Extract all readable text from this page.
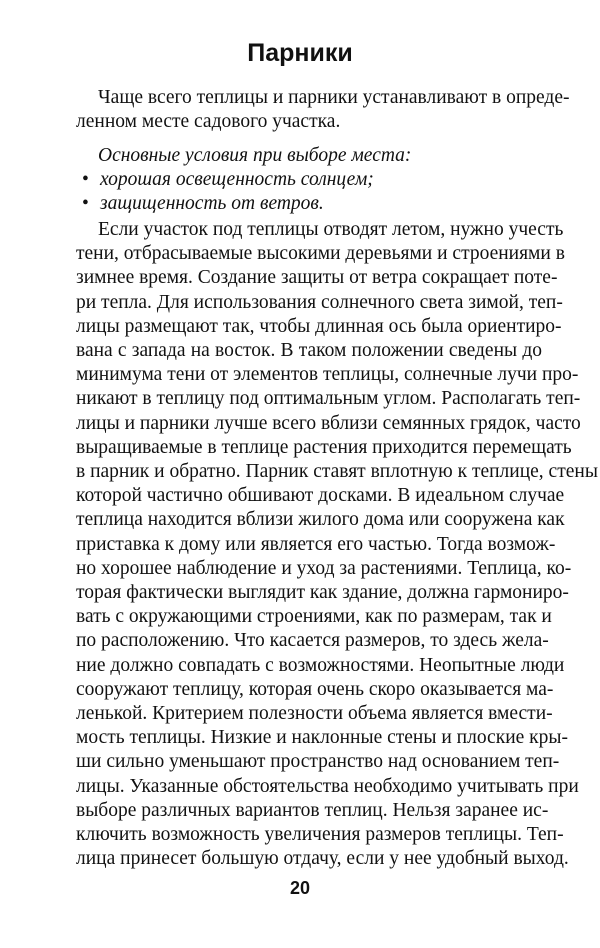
Парники
Чаще всего теплицы и парники устанавливают в опреде-
ленном месте садового участка.
Основные условия при выборе места:
• хорошая освещенность солнцем;
• защищенность от ветров.
Если участок под теплицы отводят летом, нужно учесть
тени, отбрасываемые высокими деревьями и строениями в
зимнее время. Создание защиты от ветра сокращает поте-
ри тепла. Для использования солнечного света зимой, теп-
лицы размещают так, чтобы длинная ось была ориентиро-
вана с запада на восток. В таком положении сведены до
минимума тени от элементов теплицы, солнечные лучи про-
никают в теплицу под оптимальным углом. Располагать теп-
лицы и парники лучше всего вблизи семянных грядок, часто
выращиваемые в теплице растения приходится перемещать
в парник и обратно. Парник ставят вплотную к теплице, стены
которой частично обшивают досками. В идеальном случае
теплица находится вблизи жилого дома или сооружена как
приставка к дому или является его частью. Тогда возмож-
но хорошее наблюдение и уход за растениями. Теплица, ко-
торая фактически выглядит как здание, должна гармониро-
вать с окружающими строениями, как по размерам, так и
по расположению. Что касается размеров, то здесь жела-
ние должно совпадать с возможностями. Неопытные люди
сооружают теплицу, которая очень скоро оказывается ма-
ленькой. Критерием полезности объема является вмести-
мость теплицы. Низкие и наклонные стены и плоские кры-
ши сильно уменьшают пространство над основанием теп-
лицы. Указанные обстоятельства необходимо учитывать при
выборе различных вариантов теплиц. Нельзя заранее ис-
ключить возможность увеличения размеров теплицы. Теп-
лица принесет большую отдачу, если у нее удобный выход.
20
